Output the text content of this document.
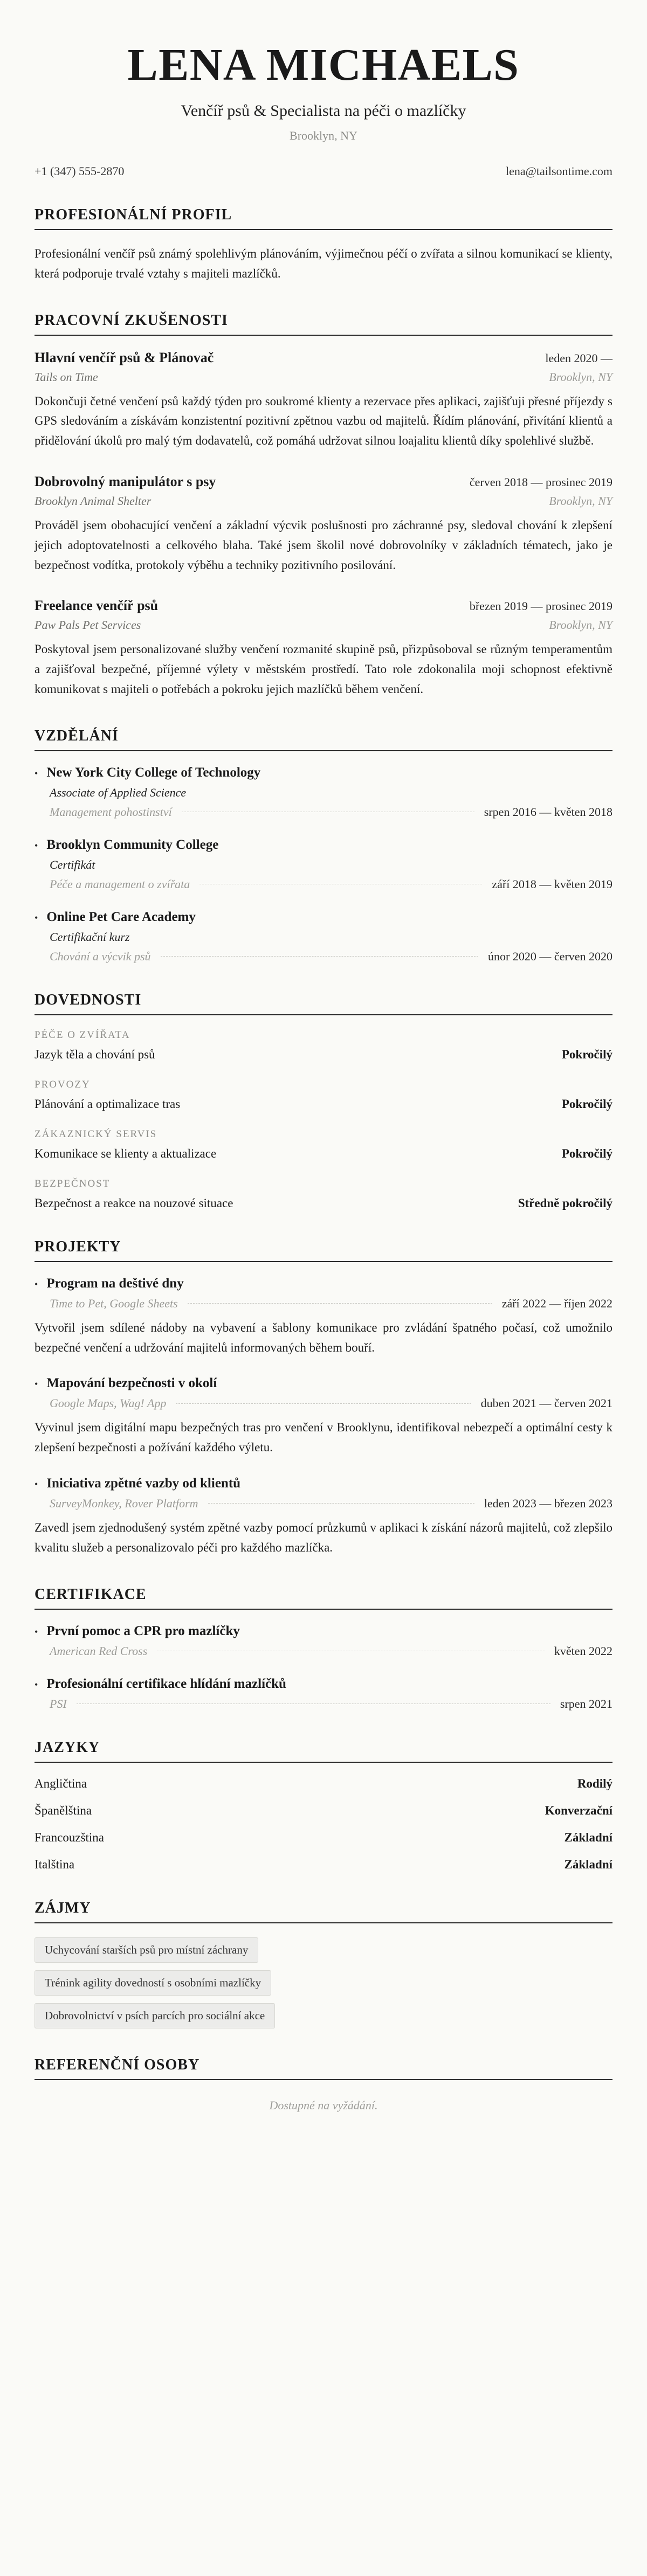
LENA MICHAELS
Venčíř psů & Specialista na péči o mazlíčky
Brooklyn, NY
+1 (347) 555-2870	lena@tailsontime.com
PROFESIONÁLNÍ PROFIL

Profesionální venčíř psů známý spolehlivým plánováním, výjimečnou péčí o zvířata a silnou komunikací se klienty, která podporuje trvalé vztahy s majiteli mazlíčků.

PRACOVNÍ ZKUŠENOSTI
Hlavní venčíř psů & Plánovač	leden 2020 —
Tails on Time	Brooklyn, NY

Dokončuji četné venčení psů každý týden pro soukromé klienty a rezervace přes aplikaci, zajišťuji přesné příjezdy s GPS sledováním a získávám konzistentní pozitivní zpětnou vazbu od majitelů. Řídím plánování, přivítání klientů a přidělování úkolů pro malý tým dodavatelů, což pomáhá udržovat silnou loajalitu klientů díky spolehlivé službě.

Dobrovolný manipulátor s psy	červen 2018 — prosinec 2019
Brooklyn Animal Shelter	Brooklyn, NY

Prováděl jsem obohacující venčení a základní výcvik poslušnosti pro záchranné psy, sledoval chování k zlepšení jejich adoptovatelnosti a celkového blaha. Také jsem školil nové dobrovolníky v základních tématech, jako je bezpečnost vodítka, protokoly výběhu a techniky pozitivního posilování.

Freelance venčíř psů	březen 2019 — prosinec 2019
Paw Pals Pet Services	Brooklyn, NY

Poskytoval jsem personalizované služby venčení rozmanité skupině psů, přizpůsoboval se různým temperamentům a zajišťoval bezpečné, příjemné výlety v městském prostředí. Tato role zdokonalila moji schopnost efektivně komunikovat s majiteli o potřebách a pokroku jejich mazlíčků během venčení.

VZDĚLÁNÍ
• New York City College of Technology
Associate of Applied Science
Management pohostinství	srpen 2016 — květen 2018
• Brooklyn Community College
Certifikát
Péče a management o zvířata	září 2018 — květen 2019
• Online Pet Care Academy
Certifikační kurz
Chování a výcvik psů	únor 2020 — červen 2020
DOVEDNOSTI
PÉČE O ZVÍŘATA
Jazyk těla a chování psů	Pokročilý
PROVOZY
Plánování a optimalizace tras	Pokročilý
ZÁKAZNICKÝ SERVIS
Komunikace se klienty a aktualizace	Pokročilý
BEZPEČNOST
Bezpečnost a reakce na nouzové situace	Středně pokročilý
PROJEKTY
• Program na deštivé dny
Time to Pet, Google Sheets	září 2022 — říjen 2022

Vytvořil jsem sdílené nádoby na vybavení a šablony komunikace pro zvládání špatného počasí, což umožnilo bezpečné venčení a udržování majitelů informovaných během bouří.

• Mapování bezpečnosti v okolí
Google Maps, Wag! App	duben 2021 — červen 2021

Vyvinul jsem digitální mapu bezpečných tras pro venčení v Brooklynu, identifikoval nebezpečí a optimální cesty k zlepšení bezpečnosti a požívání každého výletu.

• Iniciativa zpětné vazby od klientů
SurveyMonkey, Rover Platform	leden 2023 — březen 2023

Zavedl jsem zjednodušený systém zpětné vazby pomocí průzkumů v aplikaci k získání názorů majitelů, což zlepšilo kvalitu služeb a personalizovalo péči pro každého mazlíčka.

CERTIFIKACE
• První pomoc a CPR pro mazlíčky
American Red Cross	květen 2022
• Profesionální certifikace hlídání mazlíčků
PSI	srpen 2021
JAZYKY
Angličtina	Rodilý
Španělština	Konverzační
Francouzština	Základní
Italština	Základní
ZÁJMY
Uchycování starších psů pro místní záchrany
Trénink agility dovedností s osobními mazlíčky
Dobrovolnictví v psích parcích pro sociální akce
REFERENČNÍ OSOBY

Dostupné na vyžádání.
